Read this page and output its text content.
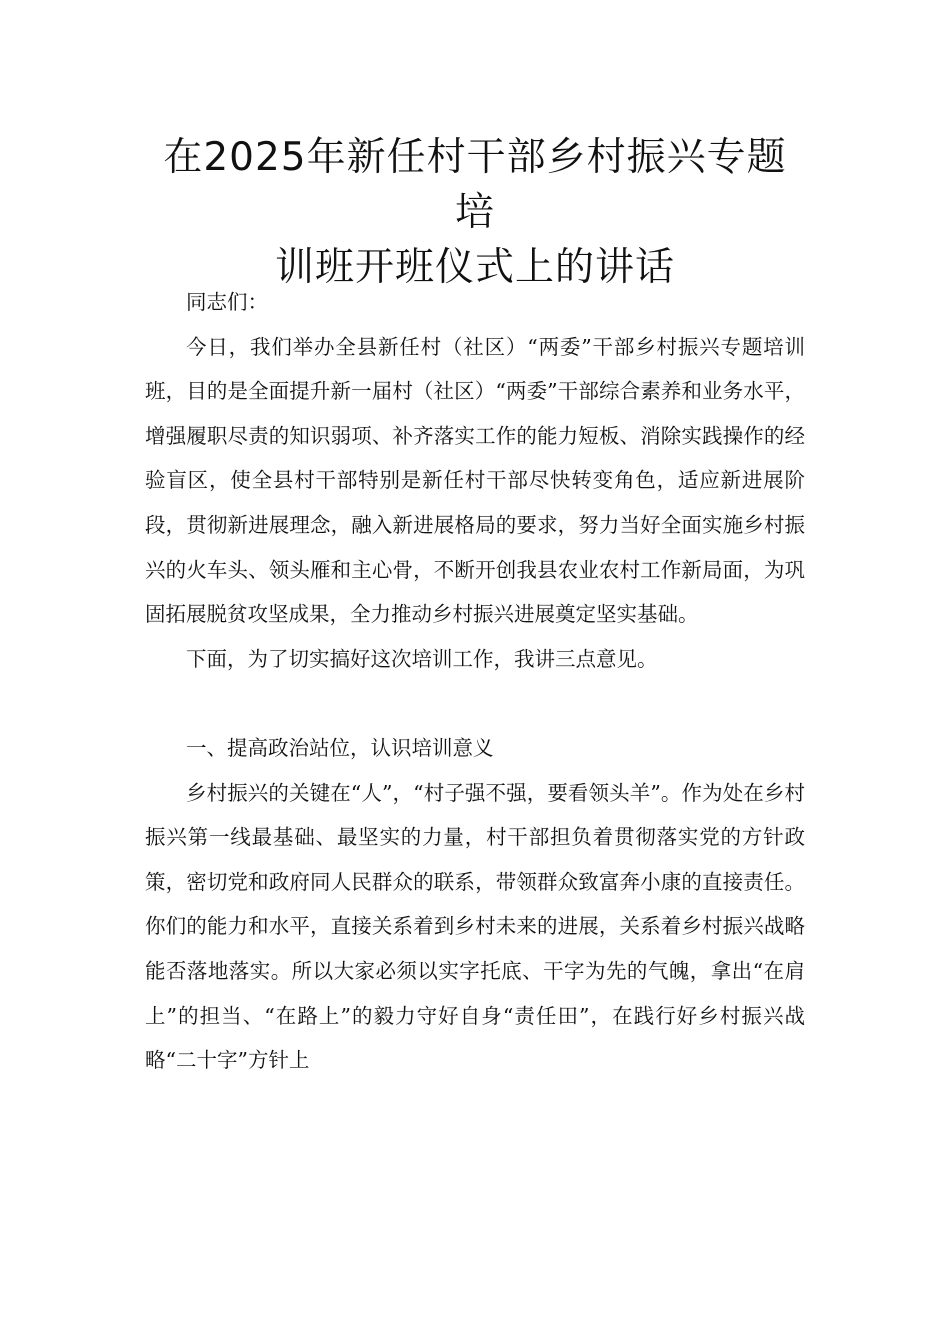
在2025年新任村干部乡村振兴专题培
训班开班仪式上的讲话

同志们：

今日，我们举办全县新任村（社区）“两委”干部乡村振兴专题培训班，目的是全面提升新一届村（社区）“两委”干部综合素养和业务水平，增强履职尽责的知识弱项、补齐落实工作的能力短板、消除实践操作的经验盲区，使全县村干部特别是新任村干部尽快转变角色，适应新进展阶段，贯彻新进展理念，融入新进展格局的要求，努力当好全面实施乡村振兴的火车头、领头雁和主心骨，不断开创我县农业农村工作新局面，为巩固拓展脱贫攻坚成果，全力推动乡村振兴进展奠定坚实基础。

下面，为了切实搞好这次培训工作，我讲三点意见。

一、提高政治站位，认识培训意义

乡村振兴的关键在“人”，“村子强不强，要看领头羊”。作为处在乡村振兴第一线最基础、最坚实的力量，村干部担负着贯彻落实党的方针政策，密切党和政府同人民群众的联系，带领群众致富奔小康的直接责任。你们的能力和水平，直接关系着到乡村未来的进展，关系着乡村振兴战略能否落地落实。所以大家必须以实字托底、干字为先的气魄，拿出“在肩上”的担当、“在路上”的毅力守好自身“责任田”，在践行好乡村振兴战略“二十字”方针上
